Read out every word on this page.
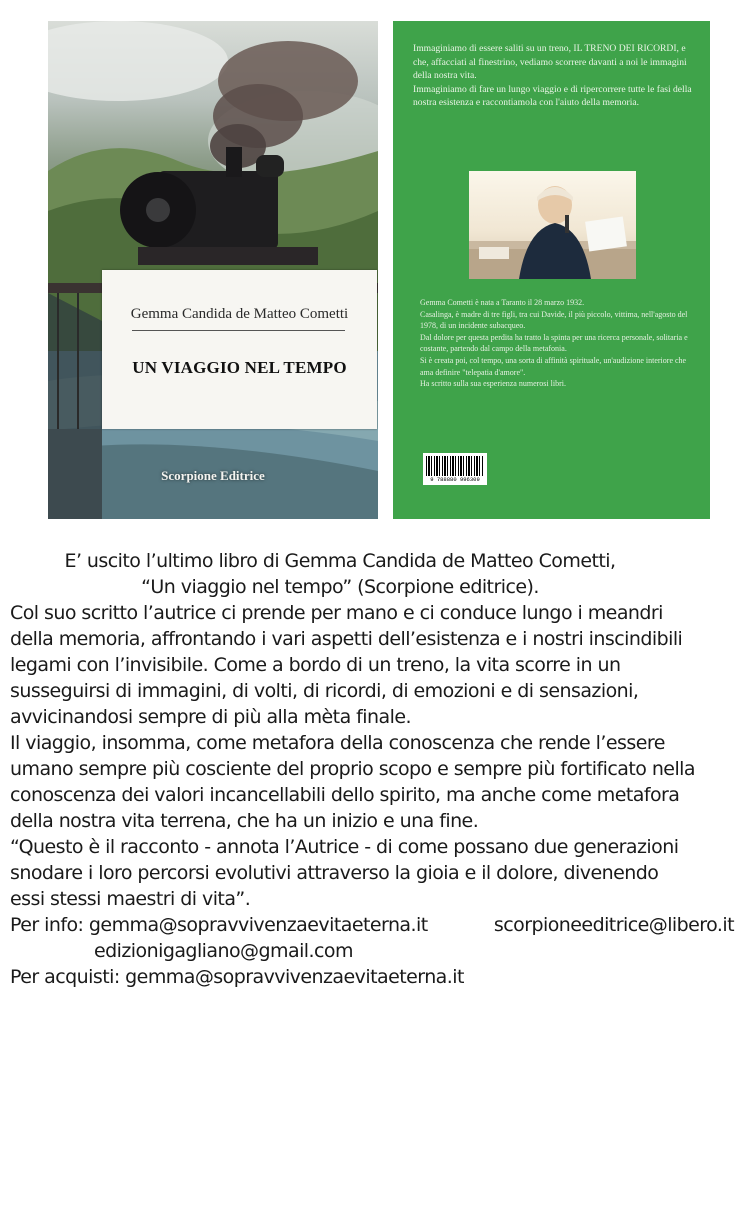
Gemma Candida de Matteo Cometti
UN VIAGGIO NEL TEMPO
Scorpione Editrice

Immaginiamo di essere saliti su un treno, IL TRENO DEI RICORDI, e che, affacciati al finestrino, vediamo scorrere davanti a noi le immagini della nostra vita.

Immaginiamo di fare un lungo viaggio e di ripercorrere tutte le fasi della nostra esistenza e raccontiamola con l'aiuto della memoria.

Gemma Cometti è nata a Taranto il 28 marzo 1932.

Casalinga, è madre di tre figli, tra cui Davide, il più piccolo, vittima, nell'agosto del 1978, di un incidente subacqueo.

Dal dolore per questa perdita ha tratto la spinta per una ricerca personale, solitaria e costante, partendo dal campo della metafonia.

Si è creata poi, col tempo, una sorta di affinità spirituale, un'audizione interiore che ama definire "telepatia d'amore".

Ha scritto sulla sua esperienza numerosi libri.

9 788880 996309
E’ uscito l’ultimo libro di Gemma Candida de Matteo Cometti,
“Un viaggio nel tempo” (Scorpione editrice).
Col suo scritto l’autrice ci prende per mano e ci conduce lungo i meandri
della memoria, affrontando i vari aspetti dell’esistenza e i nostri inscindibili
legami con l’invisibile. Come a bordo di un treno, la vita scorre in un
susseguirsi di immagini, di volti, di ricordi, di emozioni e di sensazioni,
avvicinandosi sempre di più alla mèta finale.
Il viaggio, insomma, come metafora della conoscenza che rende l’essere
umano sempre più cosciente del proprio scopo e sempre più fortificato nella
conoscenza dei valori incancellabili dello spirito, ma anche come metafora
della nostra vita terrena, che ha un inizio e una fine.
“Questo è il racconto - annota l’Autrice - di come possano due generazioni
snodare i loro percorsi evolutivi attraverso la gioia e il dolore, divenendo
essi stessi maestri di vita”.
Per info: gemma@sopravvivenzaevitaeterna.it	scorpioneeditrice@libero.it
edizionigagliano@gmail.com
Per acquisti: gemma@sopravvivenzaevitaeterna.it
